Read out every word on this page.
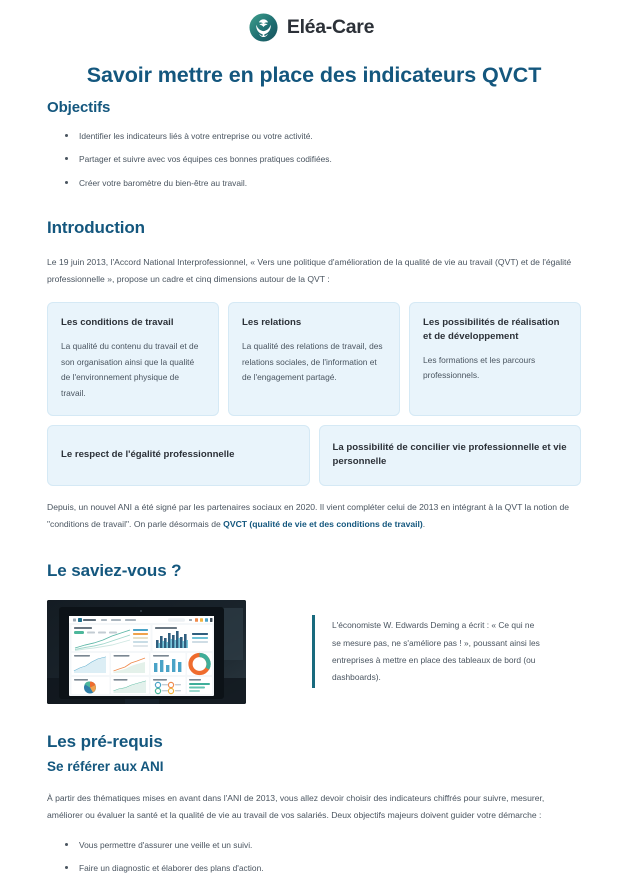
Eléa-Care
Savoir mettre en place des indicateurs QVCT
Objectifs
Identifier les indicateurs liés à votre entreprise ou votre activité.
Partager et suivre avec vos équipes ces bonnes pratiques codifiées.
Créer votre baromètre du bien-être au travail.
Introduction

Le 19 juin 2013, l'Accord National Interprofessionnel, « Vers une politique d'amélioration de la qualité de vie au travail (QVT) et de l'égalité professionnelle », propose un cadre et cinq dimensions autour de la QVT :

Les conditions de travail

La qualité du contenu du travail et de son organisation ainsi que la qualité de l'environnement physique de travail.

Les relations

La qualité des relations de travail, des relations sociales, de l'information et de l'engagement partagé.

Les possibilités de réalisation et de développement

Les formations et les parcours professionnels.

Le respect de l'égalité professionnelle

La possibilité de concilier vie professionnelle et vie personnelle

Depuis, un nouvel ANI a été signé par les partenaires sociaux en 2020. Il vient compléter celui de 2013 en intégrant à la QVT la notion de "conditions de travail". On parle désormais de QVCT (qualité de vie et des conditions de travail).

Le saviez-vous ?

L'économiste W. Edwards Deming a écrit : « Ce qui ne se mesure pas, ne s'améliore pas ! », poussant ainsi les entreprises à mettre en place des tableaux de bord (ou dashboards).

Les pré-requis
Se référer aux ANI

À partir des thématiques mises en avant dans l'ANI de 2013, vous allez devoir choisir des indicateurs chiffrés pour suivre, mesurer, améliorer ou évaluer la santé et la qualité de vie au travail de vos salariés. Deux objectifs majeurs doivent guider votre démarche :

Vous permettre d'assurer une veille et un suivi.
Faire un diagnostic et élaborer des plans d'action.
